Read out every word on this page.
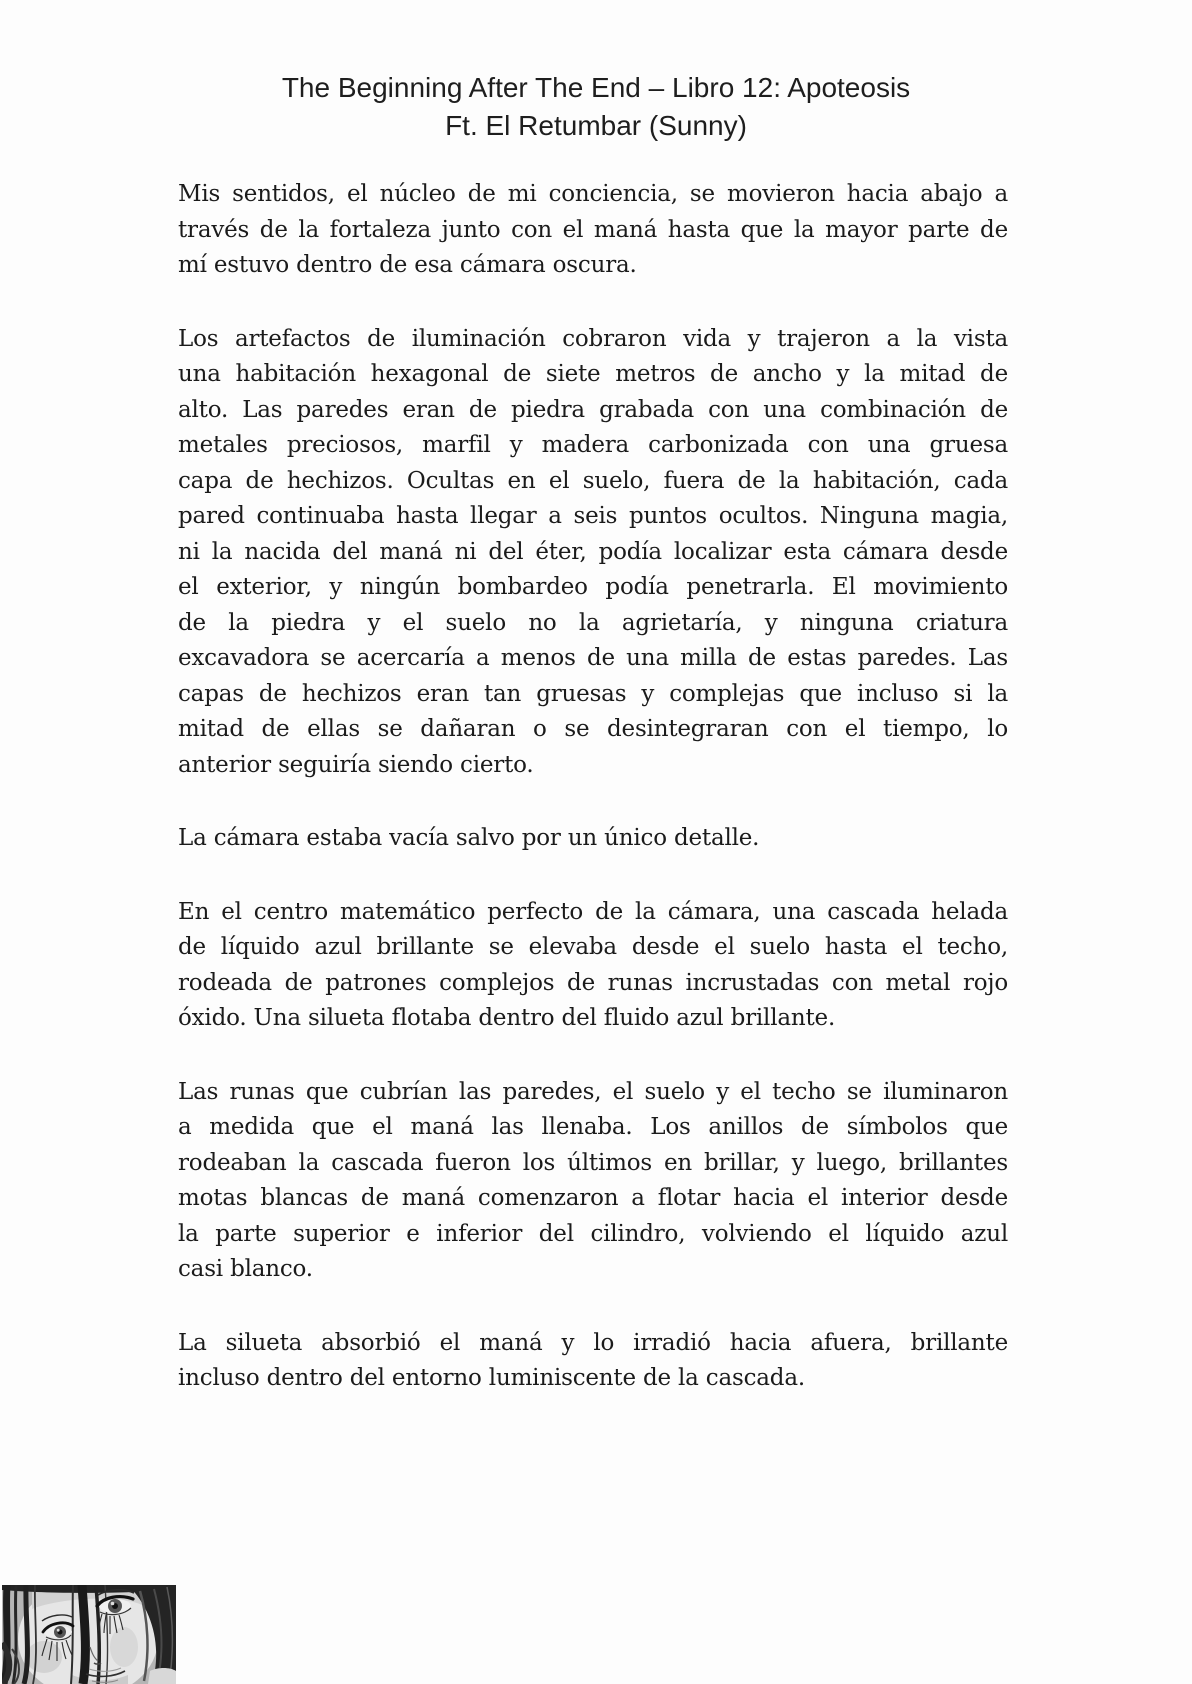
The Beginning After The End – Libro 12: Apoteosis
Ft. El Retumbar (Sunny)
Mis sentidos, el núcleo de mi conciencia, se movieron hacia abajo a
través de la fortaleza junto con el maná hasta que la mayor parte de
mí estuvo dentro de esa cámara oscura.
Los artefactos de iluminación cobraron vida y trajeron a la vista
una habitación hexagonal de siete metros de ancho y la mitad de
alto. Las paredes eran de piedra grabada con una combinación de
metales preciosos, marfil y madera carbonizada con una gruesa
capa de hechizos. Ocultas en el suelo, fuera de la habitación, cada
pared continuaba hasta llegar a seis puntos ocultos. Ninguna magia,
ni la nacida del maná ni del éter, podía localizar esta cámara desde
el exterior, y ningún bombardeo podía penetrarla. El movimiento
de la piedra y el suelo no la agrietaría, y ninguna criatura
excavadora se acercaría a menos de una milla de estas paredes. Las
capas de hechizos eran tan gruesas y complejas que incluso si la
mitad de ellas se dañaran o se desintegraran con el tiempo, lo
anterior seguiría siendo cierto.
La cámara estaba vacía salvo por un único detalle.
En el centro matemático perfecto de la cámara, una cascada helada
de líquido azul brillante se elevaba desde el suelo hasta el techo,
rodeada de patrones complejos de runas incrustadas con metal rojo
óxido. Una silueta flotaba dentro del fluido azul brillante.
Las runas que cubrían las paredes, el suelo y el techo se iluminaron
a medida que el maná las llenaba. Los anillos de símbolos que
rodeaban la cascada fueron los últimos en brillar, y luego, brillantes
motas blancas de maná comenzaron a flotar hacia el interior desde
la parte superior e inferior del cilindro, volviendo el líquido azul
casi blanco.
La silueta absorbió el maná y lo irradió hacia afuera, brillante
incluso dentro del entorno luminiscente de la cascada.
